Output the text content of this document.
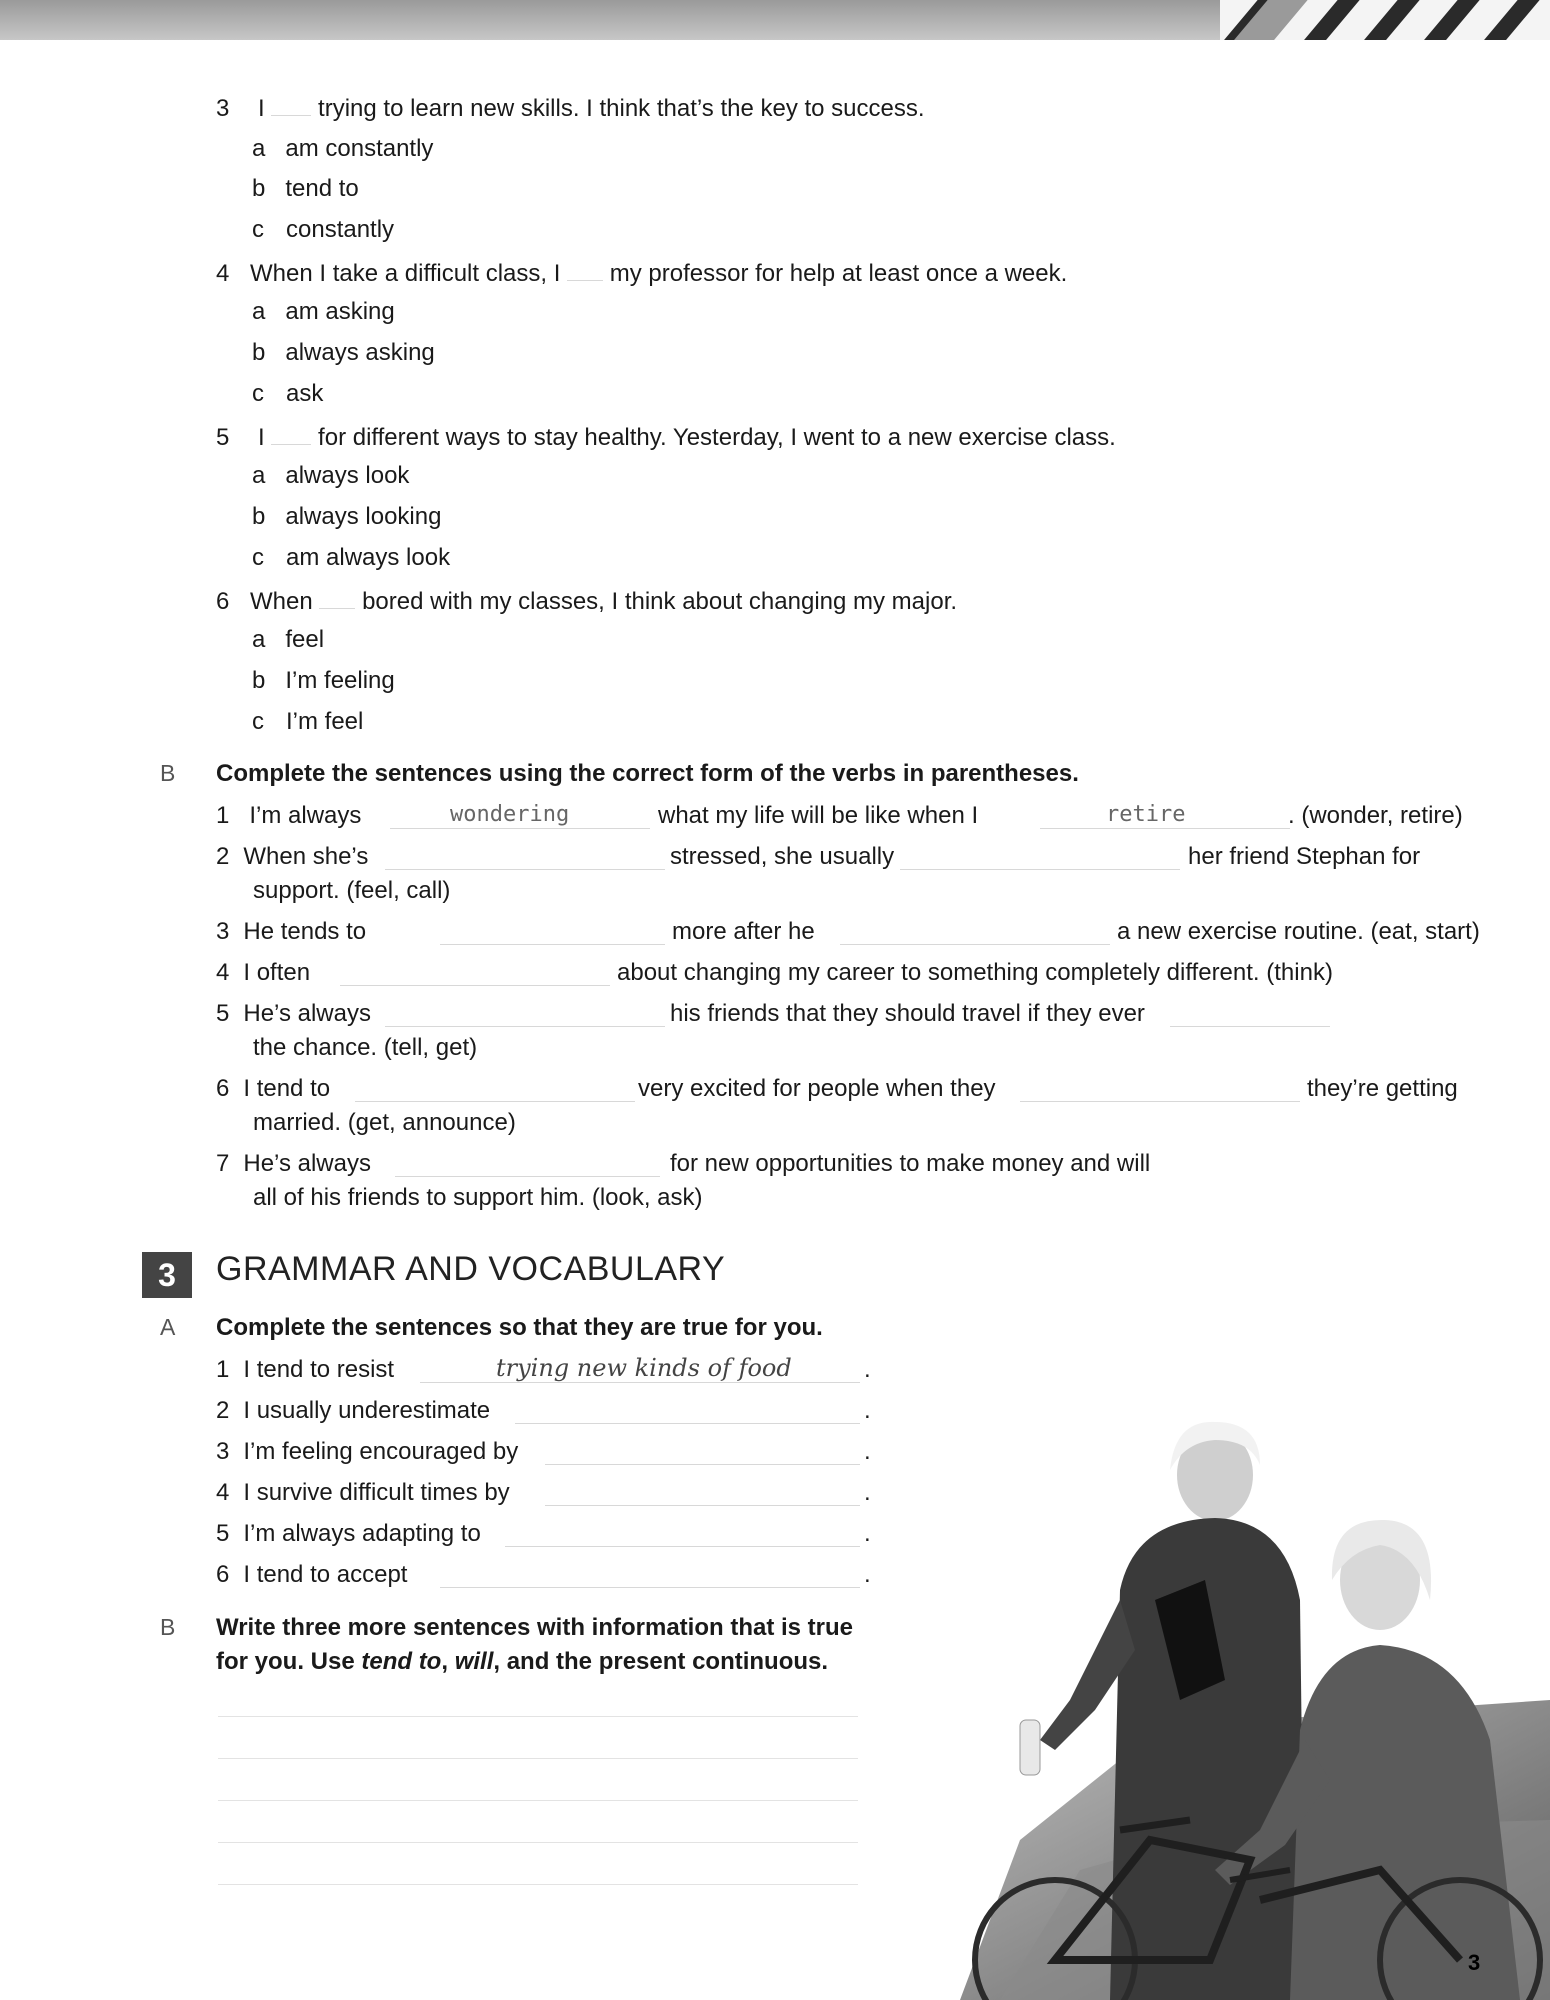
3 I trying to learn new skills. I think that’s the key to success.
a am constantly
b tend to
c constantly
4 When I take a difficult class, I my professor for help at least once a week.
a am asking
b always asking
c ask
5 I for different ways to stay healthy. Yesterday, I went to a new exercise class.
a always look
b always looking
c am always look
6 When bored with my classes, I think about changing my major.
a feel
b I’m feeling
c I’m feel
B Complete the sentences using the correct form of the verbs in parentheses.
1 I’m always	wondering	what my life will be like when I	retire	. (wonder, retire)
2 When she’s	stressed, she usually	her friend Stephan for
support. (feel, call)
3 He tends to	more after he	a new exercise routine. (eat, start)
4 I often	about changing my career to something completely different. (think)
5 He’s always	his friends that they should travel if they ever
the chance. (tell, get)
6 I tend to	very excited for people when they	they’re getting
married. (get, announce)
7 He’s always	for new opportunities to make money and will
all of his friends to support him. (look, ask)
3	GRAMMAR AND VOCABULARY
A Complete the sentences so that they are true for you.
1 I tend to resist	trying new kinds of food	.
2 I usually underestimate	.
3 I’m feeling encouraged by	.
4 I survive difficult times by	.
5 I’m always adapting to	.
6 I tend to accept	.
B Write three more sentences with information that is true
for you. Use tend to, will, and the present continuous.
3
